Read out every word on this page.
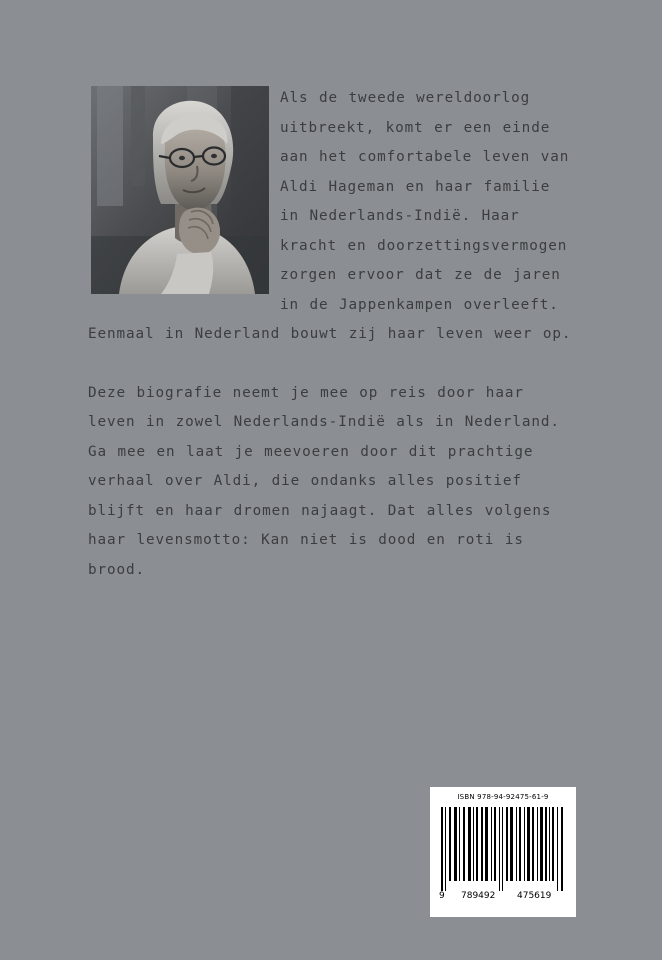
Als de tweede wereldoorlog uitbreekt, komt er een einde aan het comfortabele leven van Aldi Hageman en haar familie in Nederlands-Indië. Haar kracht en doorzettingsvermogen zorgen ervoor dat ze de jaren in de Jappenkampen overleeft. Eenmaal in Nederland bouwt zij haar leven weer op.

Deze biografie neemt je mee op reis door haar leven in zowel Nederlands-Indië als in Nederland. Ga mee en laat je meevoeren door dit prachtige verhaal over Aldi, die ondanks alles positief blijft en haar dromen najaagt. Dat alles volgens haar levensmotto: Kan niet is dood en roti is brood.

ISBN 978-94-92475-61-9
9 789492 475619
